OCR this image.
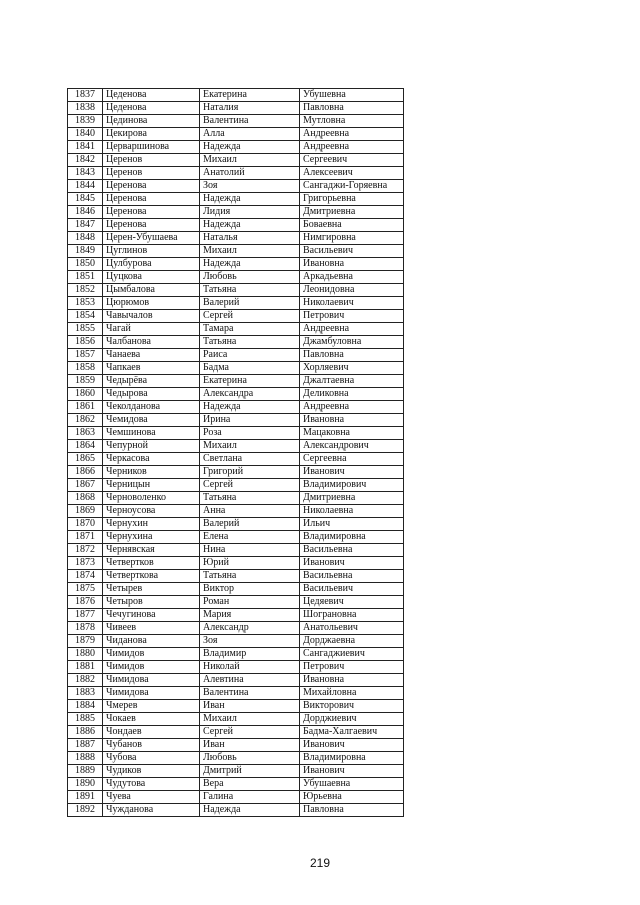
1837	Цеденова	Екатерина	Убушевна
1838	Цеденова	Наталия	Павловна
1839	Цединова	Валентина	Мутловна
1840	Цекирова	Алла	Андреевна
1841	Церваршинова	Надежда	Андреевна
1842	Церенов	Михаил	Сергеевич
1843	Церенов	Анатолий	Алексеевич
1844	Церенова	Зоя	Сангаджи-Горяевна
1845	Церенова	Надежда	Григорьевна
1846	Церенова	Лидия	Дмитриевна
1847	Церенова	Надежда	Боваевна
1848	Церен-Убушаева	Наталья	Нимгировна
1849	Цуглинов	Михаил	Васильевич
1850	Цулбурова	Надежда	Ивановна
1851	Цуцкова	Любовь	Аркадьевна
1852	Цымбалова	Татьяна	Леонидовна
1853	Цюрюмов	Валерий	Николаевич
1854	Чавычалов	Сергей	Петрович
1855	Чагай	Тамара	Андреевна
1856	Чалбанова	Татьяна	Джамбуловна
1857	Чанаева	Раиса	Павловна
1858	Чапкаев	Бадма	Хорляевич
1859	Чедырёва	Екатерина	Джалтаевна
1860	Чедырова	Александра	Деликовна
1861	Чеколданова	Надежда	Андреевна
1862	Чемидова	Ирина	Ивановна
1863	Чемшинова	Роза	Мацаковна
1864	Чепурной	Михаил	Александрович
1865	Черкасова	Светлана	Сергеевна
1866	Черников	Григорий	Иванович
1867	Черницын	Сергей	Владимирович
1868	Черноволенко	Татьяна	Дмитриевна
1869	Черноусова	Анна	Николаевна
1870	Чернухин	Валерий	Ильич
1871	Чернухина	Елена	Владимировна
1872	Чернявская	Нина	Васильевна
1873	Четвертков	Юрий	Иванович
1874	Четверткова	Татьяна	Васильевна
1875	Четырев	Виктор	Васильевич
1876	Четыров	Роман	Цедяевич
1877	Чечугинова	Мария	Шограновна
1878	Чивеев	Александр	Анатольевич
1879	Чиданова	Зоя	Дорджаевна
1880	Чимидов	Владимир	Сангаджиевич
1881	Чимидов	Николай	Петрович
1882	Чимидова	Алевтина	Ивановна
1883	Чимидова	Валентина	Михайловна
1884	Чмерев	Иван	Викторович
1885	Чокаев	Михаил	Дорджиевич
1886	Чондаев	Сергей	Бадма-Халгаевич
1887	Чубанов	Иван	Иванович
1888	Чубова	Любовь	Владимировна
1889	Чудиков	Дмитрий	Иванович
1890	Чудутова	Вера	Убушаевна
1891	Чуева	Галина	Юрьевна
1892	Чужданова	Надежда	Павловна
219
